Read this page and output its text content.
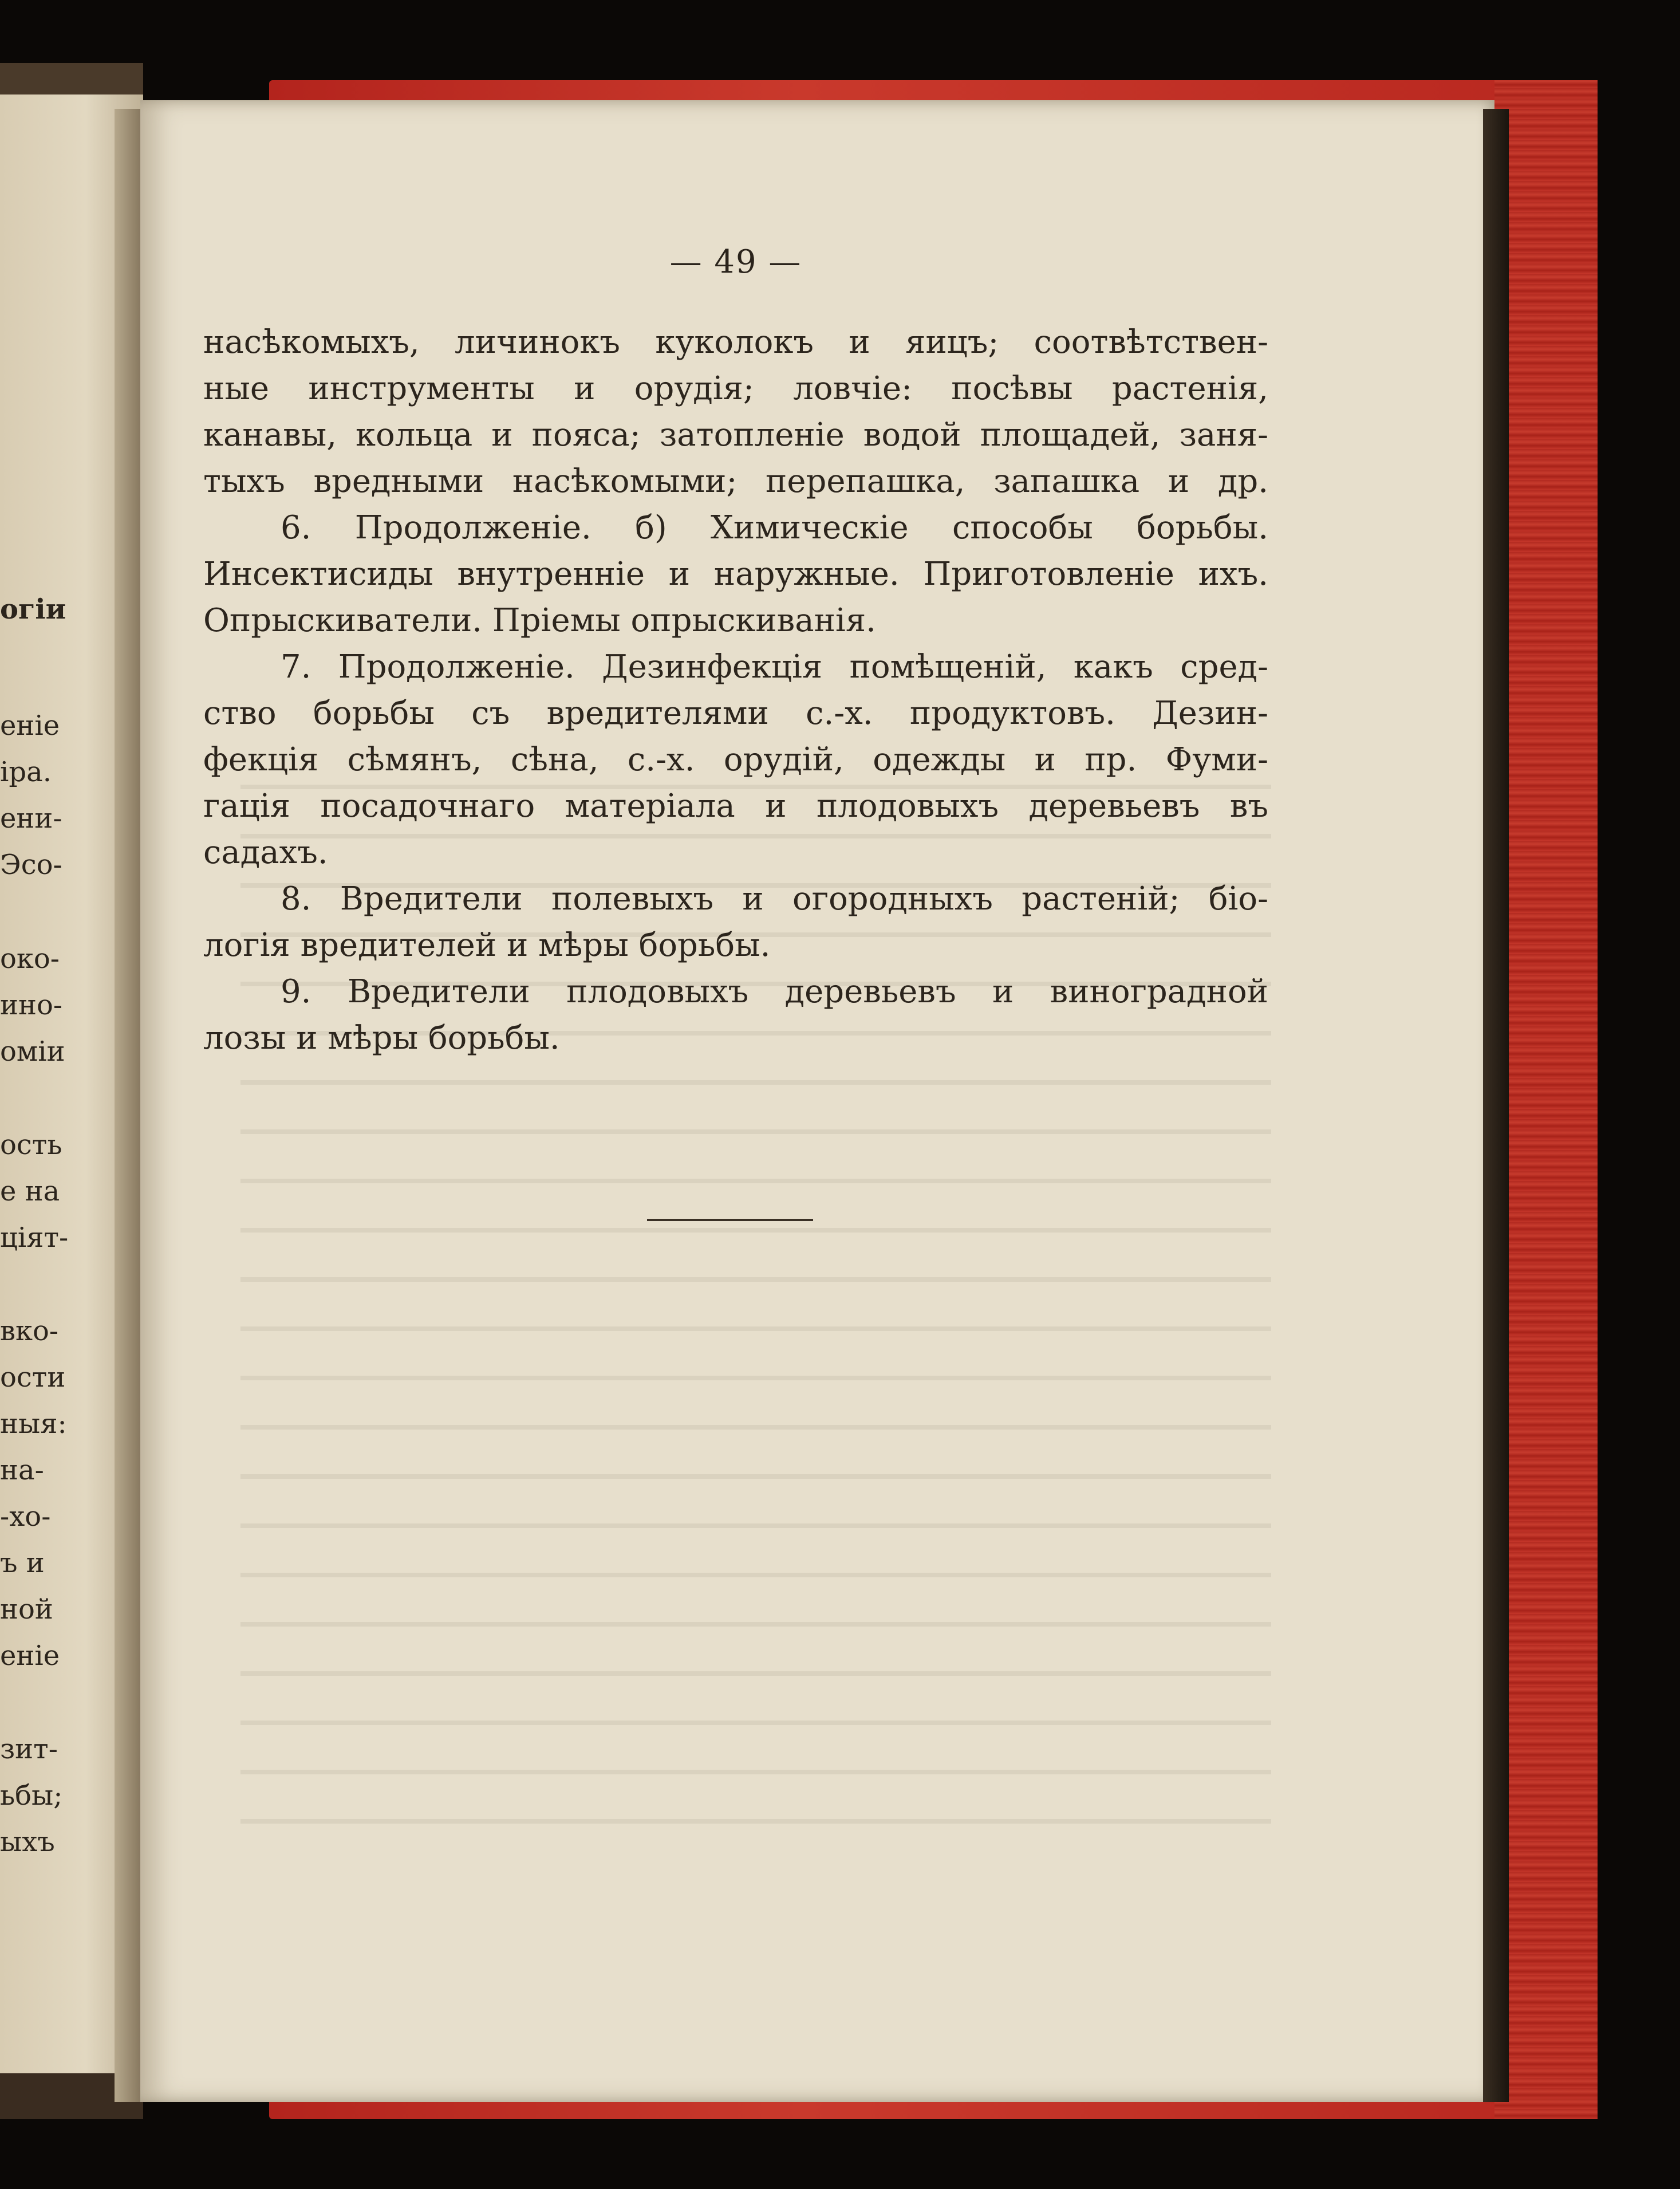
огіи
еніе
іра.
ени-
Эсо-
око-
ино-
оміи
ость
е на
ціят-
вко-
ости
ныя:
на-
-хо-
ъ и
ной
еніе
зит-
ьбы;
ыхъ
— 49 —
насѣкомыхъ, личинокъ куколокъ и яицъ; соотвѣтствен-
ные инструменты и орудія; ловчіе: посѣвы растенія,
канавы, кольца и пояса; затопленіе водой площадей, заня-
тыхъ вредными насѣкомыми; перепашка, запашка и др.
6. Продолженіе. б) Химическіе способы борьбы.
Инсектисиды внутренніе и наружные. Приготовленіе ихъ.
Опрыскиватели. Пріемы опрыскиванія.
7. Продолженіе. Дезинфекція помѣщеній, какъ сред-
ство борьбы съ вредителями с.-х. продуктовъ. Дезин-
фекція сѣмянъ, сѣна, с.-х. орудій, одежды и пр. Фуми-
гація посадочнаго матеріала и плодовыхъ деревьевъ въ
садахъ.
8. Вредители полевыхъ и огородныхъ растеній; біо-
логія вредителей и мѣры борьбы.
9. Вредители плодовыхъ деревьевъ и виноградной
лозы и мѣры борьбы.
